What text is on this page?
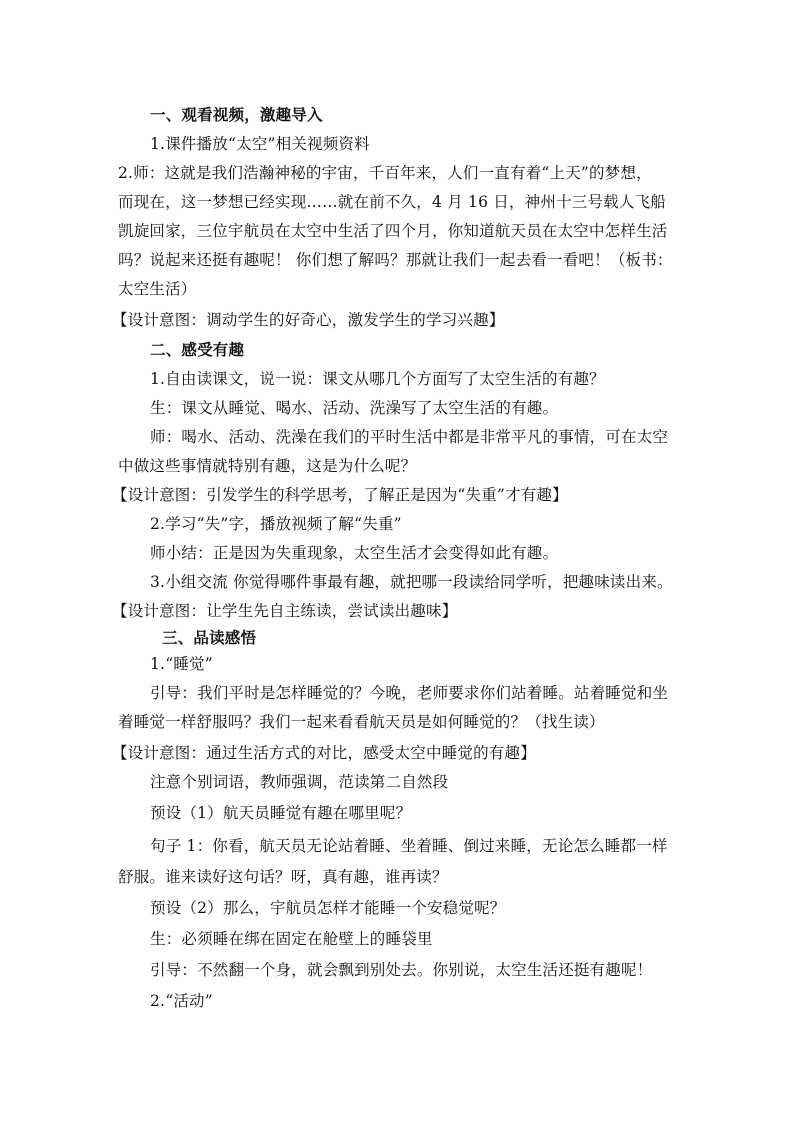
一、观看视频，激趣导入
1.课件播放“太空”相关视频资料
2.师：这就是我们浩瀚神秘的宇宙，千百年来，人们一直有着“上天”的梦想，
而现在，这一梦想已经实现……就在前不久，4 月 16 日，神州十三号载人飞船
凯旋回家，三位宇航员在太空中生活了四个月，你知道航天员在太空中怎样生活
吗？说起来还挺有趣呢！ 你们想了解吗？那就让我们一起去看一看吧！（板书：
太空生活）
【设计意图：调动学生的好奇心，激发学生的学习兴趣】
二、感受有趣
1.自由读课文，说一说：课文从哪几个方面写了太空生活的有趣？
生：课文从睡觉、喝水、活动、洗澡写了太空生活的有趣。
师：喝水、活动、洗澡在我们的平时生活中都是非常平凡的事情，可在太空
中做这些事情就特别有趣，这是为什么呢？
【设计意图：引发学生的科学思考，了解正是因为“失重”才有趣】
2.学习“失”字，播放视频了解“失重”
师小结：正是因为失重现象，太空生活才会变得如此有趣。
3.小组交流 你觉得哪件事最有趣，就把哪一段读给同学听，把趣味读出来。
【设计意图：让学生先自主练读，尝试读出趣味】
三、品读感悟
1.“睡觉”
引导：我们平时是怎样睡觉的？今晚，老师要求你们站着睡。站着睡觉和坐
着睡觉一样舒服吗？我们一起来看看航天员是如何睡觉的？（找生读）
【设计意图：通过生活方式的对比，感受太空中睡觉的有趣】
注意个别词语，教师强调，范读第二自然段
预设（1）航天员睡觉有趣在哪里呢？
句子 1：你看，航天员无论站着睡、坐着睡、倒过来睡，无论怎么睡都一样
舒服。谁来读好这句话？呀，真有趣，谁再读？
预设（2）那么，宇航员怎样才能睡一个安稳觉呢？
生：必须睡在绑在固定在舱壁上的睡袋里
引导：不然翻一个身，就会飘到别处去。你别说，太空生活还挺有趣呢！
2.“活动”
